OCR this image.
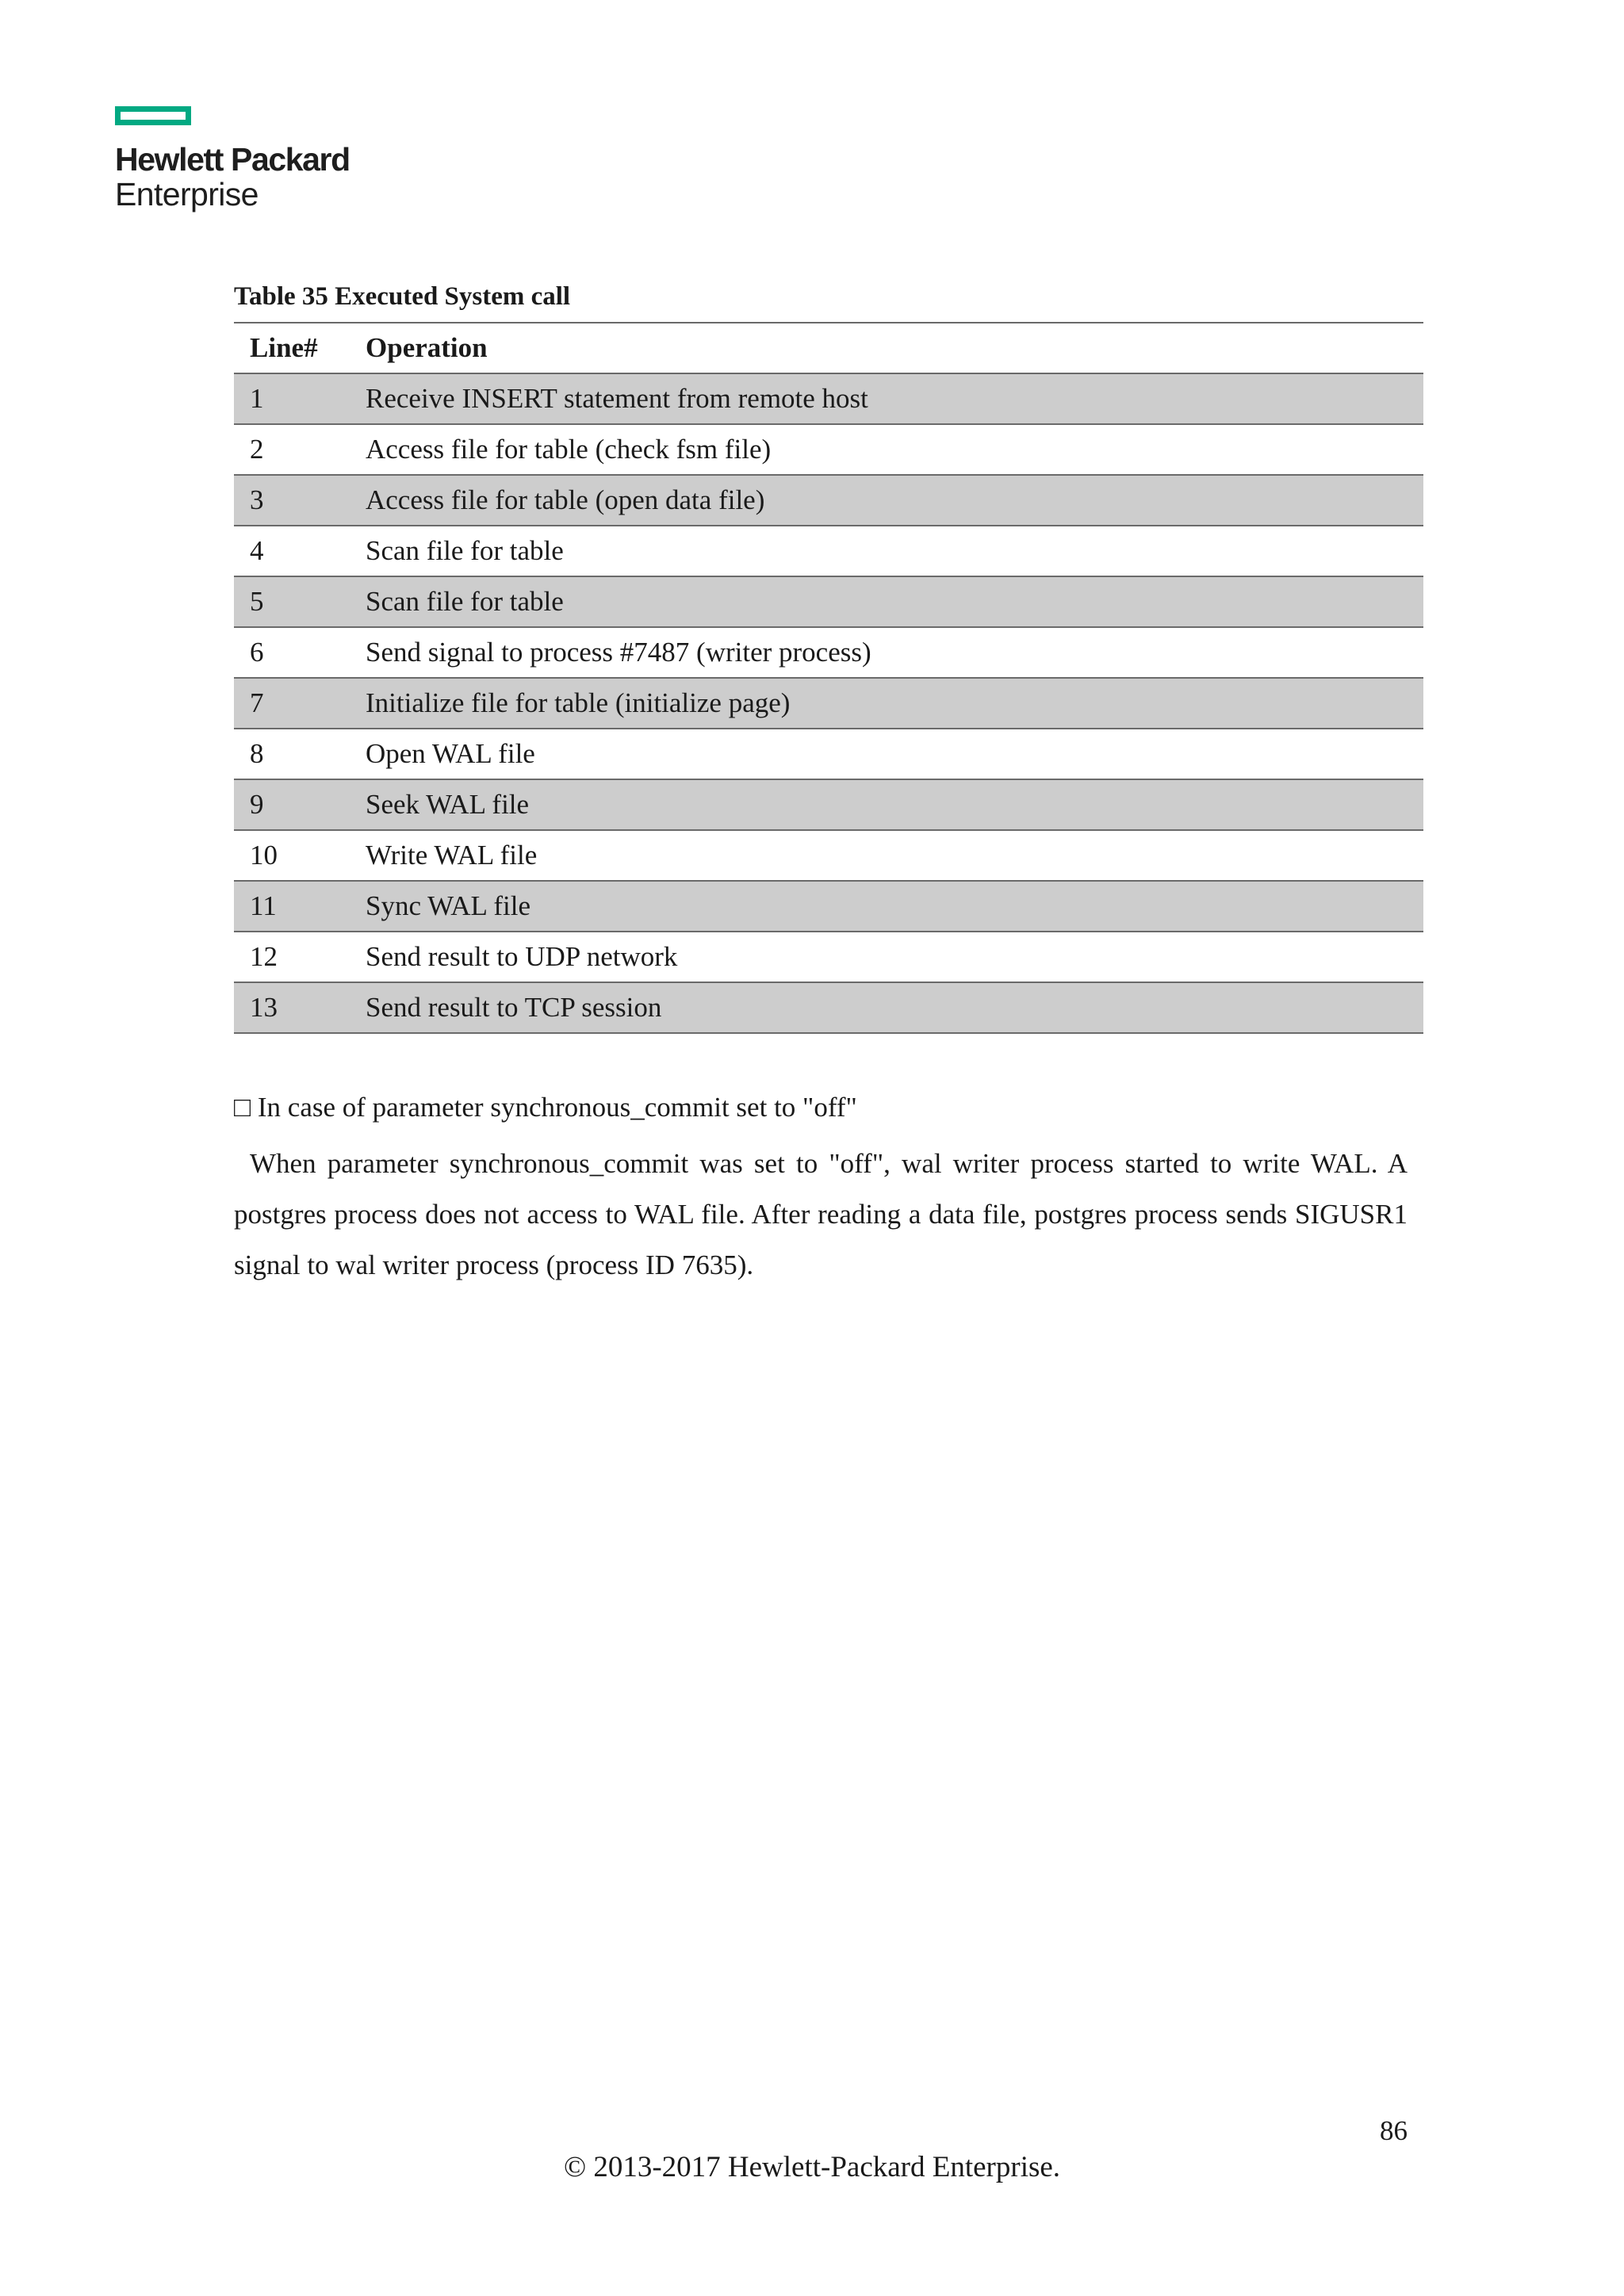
Hewlett Packard
Enterprise
Table 35 Executed System call
Line#	Operation
1	Receive INSERT statement from remote host
2	Access file for table (check fsm file)
3	Access file for table (open data file)
4	Scan file for table
5	Scan file for table
6	Send signal to process #7487 (writer process)
7	Initialize file for table (initialize page)
8	Open WAL file
9	Seek WAL file
10	Write WAL file
11	Sync WAL file
12	Send result to UDP network
13	Send result to TCP session
□ In case of parameter synchronous_commit set to "off"

When parameter synchronous_commit was set to "off", wal writer process started to write WAL. A postgres process does not access to WAL file. After reading a data file, postgres process sends SIGUSR1 signal to wal writer process (process ID 7635).

86
© 2013-2017 Hewlett-Packard Enterprise.
